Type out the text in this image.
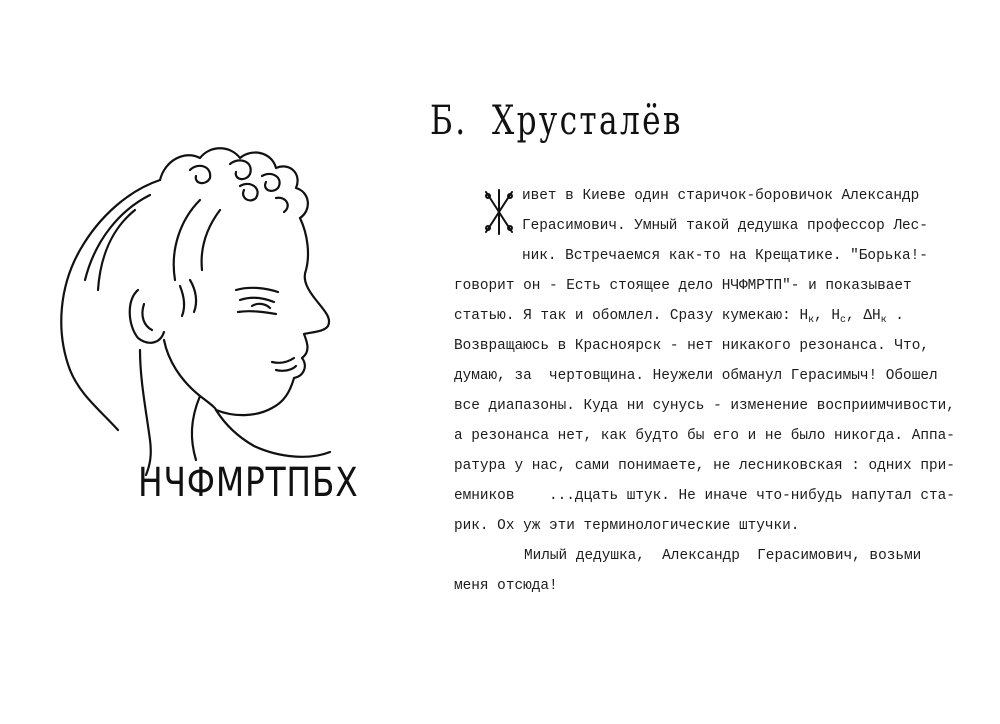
НЧФМРТПБХ
Б.  Хрусталёв
ивет в Киеве один старичок-боровичок Александр
Герасимович. Умный такой дедушка профессор Лес-
ник. Встречаемся как-то на Крещатике. "Борька!-
говорит он - Есть стоящее дело НЧФМРТП"- и показывает
статью. Я так и обомлел. Сразу кумекаю: $H_к$, $H_с$, $\Delta H_к$ .
Возвращаюсь в Красноярск - нет никакого резонанса. Что,
думаю, за  чертовщина. Неужели обманул Герасимыч! Обошел
все диапазоны. Куда ни сунусь - изменение восприимчивости,
а резонанса нет, как будто бы его и не было никогда. Аппа-
ратура у нас, сами понимаете, не лесниковская : одних при-
емников    ...дцать штук. Не иначе что-нибудь напутал ста-
рик. Ох уж эти терминологические штучки.
Милый дедушка,  Александр  Герасимович, возьми
меня отсюда!
